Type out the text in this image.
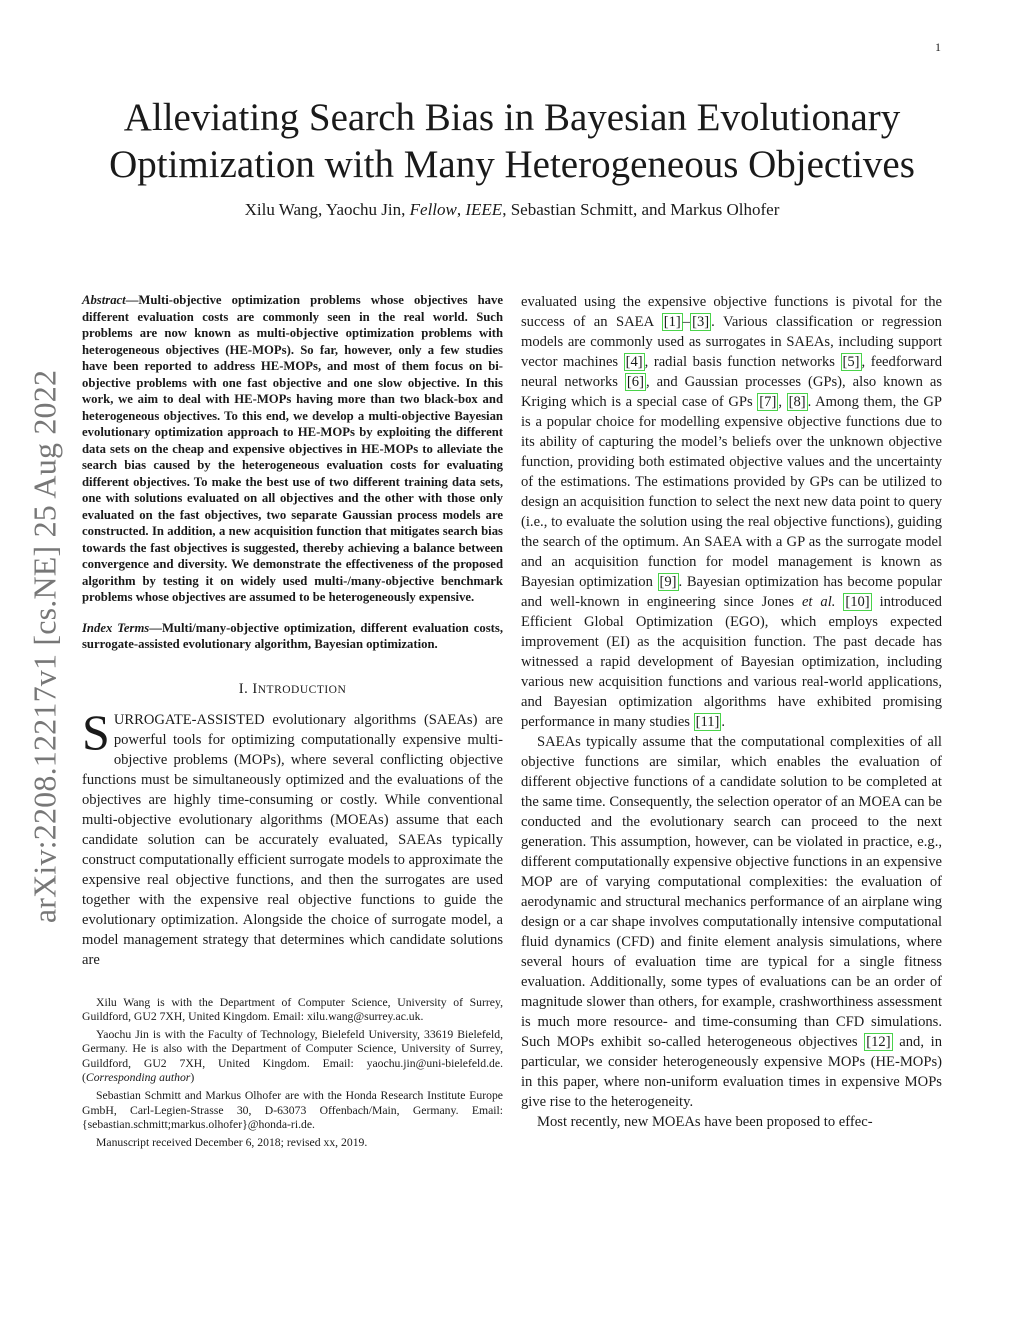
1
arXiv:2208.12217v1 [cs.NE] 25 Aug 2022
Alleviating Search Bias in Bayesian Evolutionary
Optimization with Many Heterogeneous Objectives
Xilu Wang, Yaochu Jin, Fellow, IEEE, Sebastian Schmitt, and Markus Olhofer

Abstract—Multi-objective optimization problems whose objectives have different evaluation costs are commonly seen in the real world. Such problems are now known as multi-objective optimization problems with heterogeneous objectives (HE-MOPs). So far, however, only a few studies have been reported to address HE-MOPs, and most of them focus on bi-objective problems with one fast objective and one slow objective. In this work, we aim to deal with HE-MOPs having more than two black-box and heterogeneous objectives. To this end, we develop a multi-objective Bayesian evolutionary optimization approach to HE-MOPs by exploiting the different data sets on the cheap and expensive objectives in HE-MOPs to alleviate the search bias caused by the heterogeneous evaluation costs for evaluating different objectives. To make the best use of two different training data sets, one with solutions evaluated on all objectives and the other with those only evaluated on the fast objectives, two separate Gaussian process models are constructed. In addition, a new acquisition function that mitigates search bias towards the fast objectives is suggested, thereby achieving a balance between convergence and diversity. We demonstrate the effectiveness of the proposed algorithm by testing it on widely used multi-/many-objective benchmark problems whose objectives are assumed to be heterogeneously expensive.

Index Terms—Multi/many-objective optimization, different evaluation costs, surrogate-assisted evolutionary algorithm, Bayesian optimization.

I. INTRODUCTION

SURROGATE-ASSISTED evolutionary algorithms (SAEAs) are powerful tools for optimizing computationally expensive multi-objective problems (MOPs), where several conflicting objective functions must be simultaneously optimized and the evaluations of the objectives are highly time-consuming or costly. While conventional multi-objective evolutionary algorithms (MOEAs) assume that each candidate solution can be accurately evaluated, SAEAs typically construct computationally efficient surrogate models to approximate the expensive real objective functions, and then the surrogates are used together with the expensive real objective functions to guide the evolutionary optimization. Alongside the choice of surrogate model, a model management strategy that determines which candidate solutions are

Xilu Wang is with the Department of Computer Science, University of Surrey, Guildford, GU2 7XH, United Kingdom. Email: xilu.wang@surrey.ac.uk.

Yaochu Jin is with the Faculty of Technology, Bielefeld University, 33619 Bielefeld, Germany. He is also with the Department of Computer Science, University of Surrey, Guildford, GU2 7XH, United Kingdom. Email: yaochu.jin@uni-bielefeld.de. (Corresponding author)

Sebastian Schmitt and Markus Olhofer are with the Honda Research Institute Europe GmbH, Carl-Legien-Strasse 30, D-63073 Offenbach/Main, Germany. Email: {sebastian.schmitt;markus.olhofer}@honda-ri.de.

Manuscript received December 6, 2018; revised xx, 2019.

evaluated using the expensive objective functions is pivotal for the success of an SAEA [1] – [3] . Various classification or regression models are commonly used as surrogates in SAEAs, including support vector machines [4] , radial basis function networks [5] , feedforward neural networks [6] , and Gaussian processes (GPs), also known as Kriging which is a special case of GPs [7] , [8] . Among them, the GP is a popular choice for modelling expensive objective functions due to its ability of capturing the model’s beliefs over the unknown objective function, providing both estimated objective values and the uncertainty of the estimations. The estimations provided by GPs can be utilized to design an acquisition function to select the next new data point to query (i.e., to evaluate the solution using the real objective functions), guiding the search of the optimum. An SAEA with a GP as the surrogate model and an acquisition function for model management is known as Bayesian optimization [9] . Bayesian optimization has become popular and well-known in engineering since Jones et al. [10] introduced Efficient Global Optimization (EGO), which employs expected improvement (EI) as the acquisition function. The past decade has witnessed a rapid development of Bayesian optimization, including various new acquisition functions and various real-world applications, and Bayesian optimization algorithms have exhibited promising performance in many studies [11] .

SAEAs typically assume that the computational complexities of all objective functions are similar, which enables the evaluation of different objective functions of a candidate solution to be completed at the same time. Consequently, the selection operator of an MOEA can be conducted and the evolutionary search can proceed to the next generation. This assumption, however, can be violated in practice, e.g., different computationally expensive objective functions in an expensive MOP are of varying computational complexities: the evaluation of aerodynamic and structural mechanics performance of an airplane wing design or a car shape involves computationally intensive computational fluid dynamics (CFD) and finite element analysis simulations, where several hours of evaluation time are typical for a single fitness evaluation. Additionally, some types of evaluations can be an order of magnitude slower than others, for example, crashworthiness assessment is much more resource- and time-consuming than CFD simulations. Such MOPs exhibit so-called heterogeneous objectives [12] and, in particular, we consider heterogeneously expensive MOPs (HE-MOPs) in this paper, where non-uniform evaluation times in expensive MOPs give rise to the heterogeneity.

Most recently, new MOEAs have been proposed to effec-
